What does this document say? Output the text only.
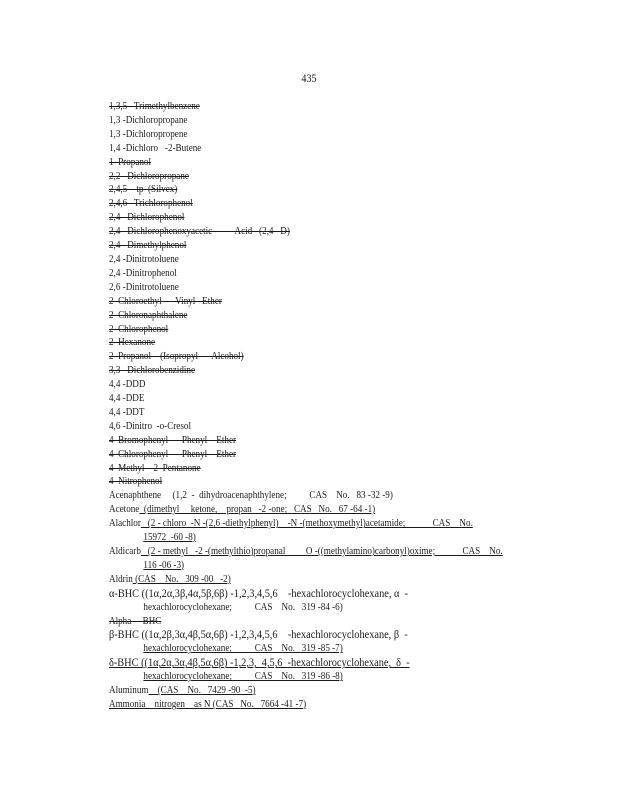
435
1,3,5   Trimethylbenzene
1,3 -Dichloropropane
1,3 -Dichloropropene
1,4 -Dichloro   -2-Butene
1  Propanol
2,2   Dichloropropane
2,4,5    tp  (Silvex)
2,4,6   Trichlorophenol
2,4   Dichlorophenol
2,4   Dichlorophenoxyacetic          Acid   (2,4   D)
2,4   Dimethylphenol
2,4 -Dinitrotoluene
2,4 -Dinitrophenol
2,6 -Dinitrotoluene
2  Chloroethyl      Vinyl   Ether
2  Chloronaphthalene
2  Chlorophenol
2  Hexanone
2  Propanol    (Isopropyl      Alcohol)
3,3   Dichlorobenzidine
4,4 -DDD
4,4 -DDE
4,4 -DDT
4,6 -Dinitro  -o-Cresol
4  Bromophenyl      Phenyl    Ether
4  Chlorophenyl      Phenyl    Ether
4  Methyl    2  Pentanone
4  Nitrophenol
Acenaphthene     (1,2  -  dihydroacenaphthylene;          CAS    No.   83 -32 -9)
Acetone  (dimethyl     ketone,    propan   -2 -one;   CAS   No.   67 -64 -1)
Alachlor   (2 - chloro  -N -(2,6 -diethylphenyl)    -N -(methoxymethyl)acetamide;            CAS    No.
15972  -60 -8)
Aldicarb   (2 - methyl   -2 -(methylthio)propanal         O -((methylamino)carbonyl)oxime;            CAS    No.
116 -06 -3)
Aldrin (CAS    No.   309 -00   -2)
α-BHC ((1α,2α,3β,4α,5β,6β) -1,2,3,4,5,6    -hexachlorocyclohexane, α  -
hexachlorocyclohexane;          CAS    No.   319 -84 -6)
Alpha   –BHC
β-BHC ((1α,2β,3α,4β,5α,6β) -1,2,3,4,5,6    -hexachlorocyclohexane, β  -
hexachlorocyclohexane;          CAS    No.   319 -85 -7)
δ-BHC ((1α,2α,3α,4β,5α,6β) -1,2,3,  4,5,6  -hexachlorocyclohexane,  δ  -
hexachlorocyclohexane;          CAS    No.   319 -86 -8)
Aluminum    (CAS    No.   7429 -90  -5)
Ammonia    nitrogen    as N (CAS   No.   7664 -41 -7)
